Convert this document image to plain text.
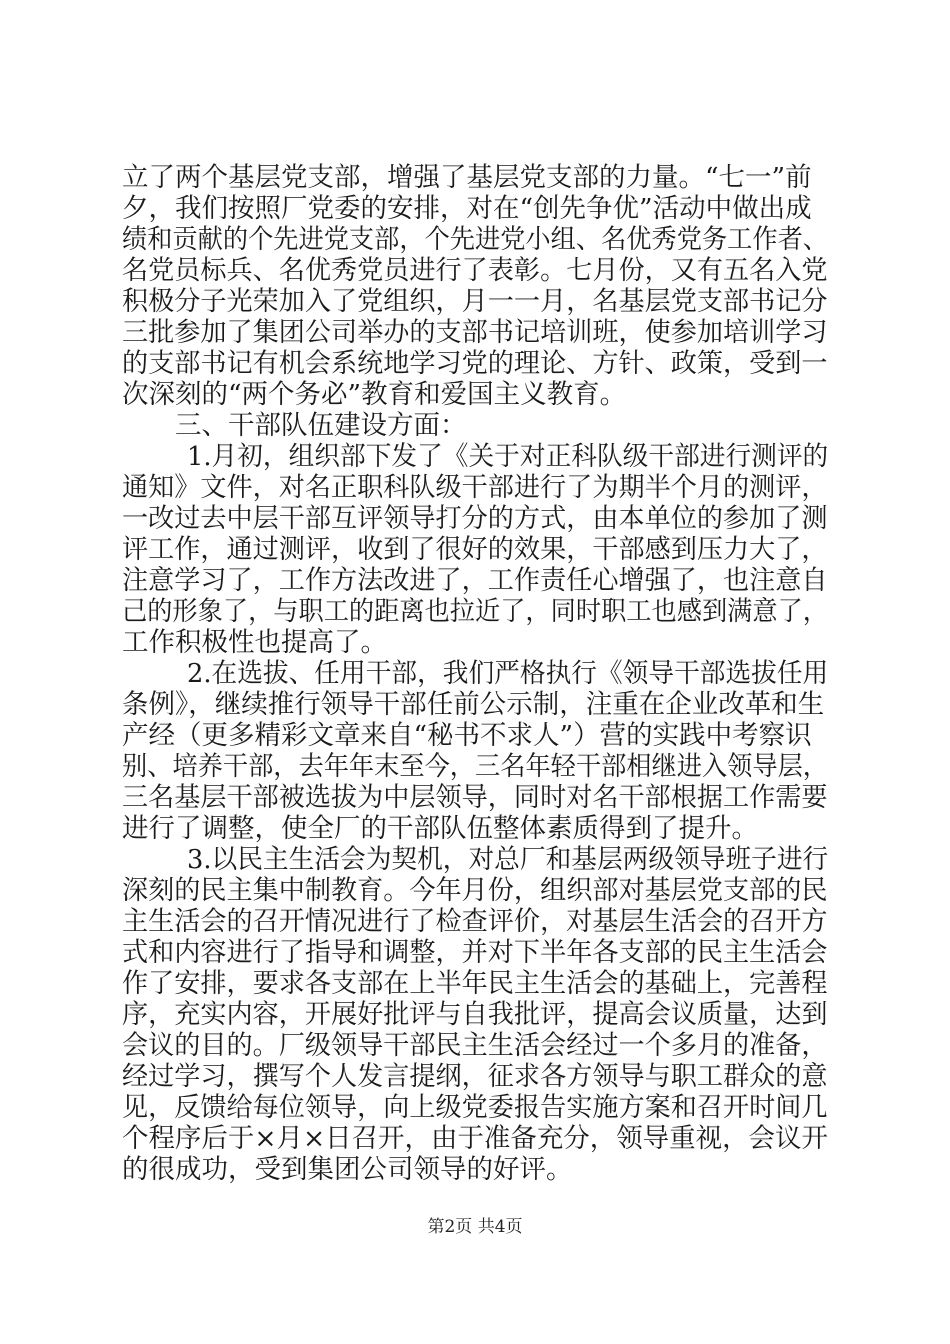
立了两个基层党支部，增强了基层党支部的力量。“七一”前
夕，我们按照厂党委的安排，对在“创先争优”活动中做出成
绩和贡献的个先进党支部，个先进党小组、名优秀党务工作者、
名党员标兵、名优秀党员进行了表彰。七月份，又有五名入党
积极分子光荣加入了党组织，月一一月，名基层党支部书记分
三批参加了集团公司举办的支部书记培训班，使参加培训学习
的支部书记有机会系统地学习党的理论、方针、政策，受到一
次深刻的“两个务必”教育和爱国主义教育。
三、干部队伍建设方面：
1.月初，组织部下发了《关于对正科队级干部进行测评的
通知》文件，对名正职科队级干部进行了为期半个月的测评，
一改过去中层干部互评领导打分的方式，由本单位的参加了测
评工作，通过测评，收到了很好的效果，干部感到压力大了，
注意学习了，工作方法改进了，工作责任心增强了，也注意自
己的形象了，与职工的距离也拉近了，同时职工也感到满意了，
工作积极性也提高了。
2.在选拔、任用干部，我们严格执行《领导干部选拔任用
条例》，继续推行领导干部任前公示制，注重在企业改革和生
产经（更多精彩文章来自“秘书不求人”）营的实践中考察识
别、培养干部，去年年末至今，三名年轻干部相继进入领导层，
三名基层干部被选拔为中层领导，同时对名干部根据工作需要
进行了调整，使全厂的干部队伍整体素质得到了提升。
3.以民主生活会为契机，对总厂和基层两级领导班子进行
深刻的民主集中制教育。今年月份，组织部对基层党支部的民
主生活会的召开情况进行了检查评价，对基层生活会的召开方
式和内容进行了指导和调整，并对下半年各支部的民主生活会
作了安排，要求各支部在上半年民主生活会的基础上，完善程
序，充实内容，开展好批评与自我批评，提高会议质量，达到
会议的目的。厂级领导干部民主生活会经过一个多月的准备，
经过学习，撰写个人发言提纲，征求各方领导与职工群众的意
见，反馈给每位领导，向上级党委报告实施方案和召开时间几
个程序后于×月×日召开，由于准备充分，领导重视，会议开
的很成功，受到集团公司领导的好评。
第2页 共4页
